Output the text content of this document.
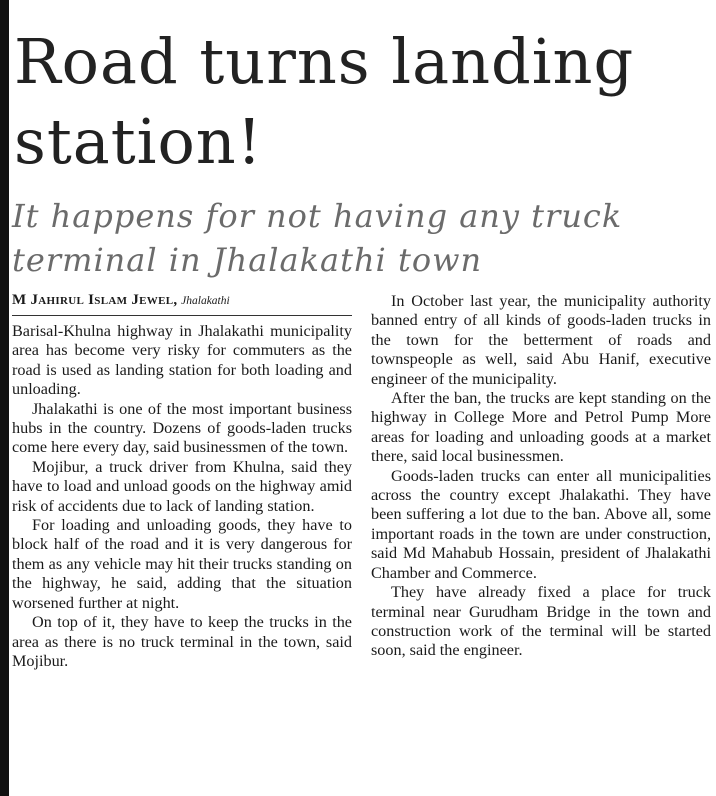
Road turns landing station!
It happens for not having any truck terminal in Jhalakathi town
M Jahirul Islam Jewel, Jhalakathi

Barisal-Khulna highway in Jhalakathi municipality area has become very risky for commuters as the road is used as landing station for both loading and unloading.

Jhalakathi is one of the most important business hubs in the country. Dozens of goods-laden trucks come here every day, said businessmen of the town.

Mojibur, a truck driver from Khulna, said they have to load and unload goods on the highway amid risk of accidents due to lack of landing station.

For loading and unloading goods, they have to block half of the road and it is very dangerous for them as any vehicle may hit their trucks standing on the highway, he said, adding that the situation worsened further at night.

On top of it, they have to keep the trucks in the area as there is no truck terminal in the town, said Mojibur.

In October last year, the municipality authority banned entry of all kinds of goods-laden trucks in the town for the betterment of roads and townspeople as well, said Abu Hanif, executive engineer of the municipality.

After the ban, the trucks are kept standing on the highway in College More and Petrol Pump More areas for loading and unloading goods at a market there, said local businessmen.

Goods-laden trucks can enter all municipalities across the country except Jhalakathi. They have been suffering a lot due to the ban. Above all, some important roads in the town are under construction, said Md Mahabub Hossain, president of Jhalakathi Chamber and Commerce.

They have already fixed a place for truck terminal near Gurudham Bridge in the town and construction work of the terminal will be started soon, said the engineer.
